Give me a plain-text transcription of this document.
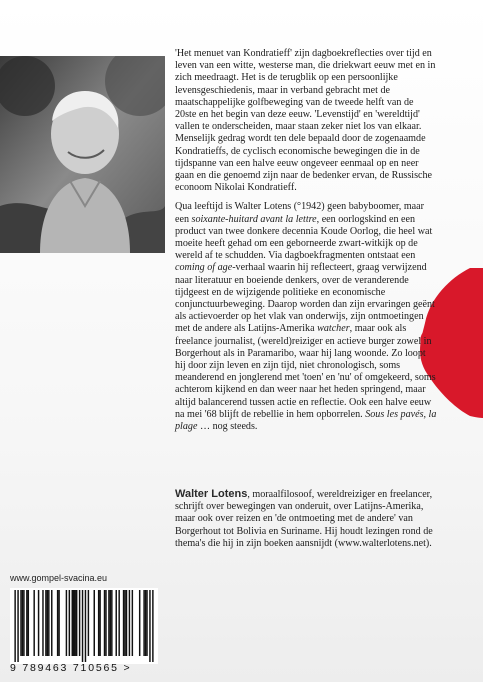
'Het menuet van Kondratieff' zijn dagboekreflecties over tijd en leven van een witte, westerse man, die driekwart eeuw met en in zich meedraagt. Het is de terugblik op een persoonlijke levensgeschiedenis, maar in verband gebracht met de maatschappelijke golfbeweging van de tweede helft van de 20ste en het begin van deze eeuw. 'Levenstijd' en 'wereldtijd' vallen te onderscheiden, maar staan zeker niet los van elkaar. Menselijk gedrag wordt ten dele bepaald door de zogenaamde Kondratieffs, de cyclisch economische bewegingen die in de tijdspanne van een halve eeuw ongeveer eenmaal op en neer gaan en die genoemd zijn naar de bedenker ervan, de Russische econoom Nikolai Kondratieff.

Qua leeftijd is Walter Lotens (°1942) geen babyboomer, maar een soixante-huitard avant la lettre, een oorlogskind en een product van twee donkere decennia Koude Oorlog, die heel wat moeite heeft gehad om een geborneerde zwart-witkijk op de wereld af te schudden. Via dagboekfragmenten ontstaat een coming of age-verhaal waarin hij reflecteert, graag verwijzend naar literatuur en boeiende denkers, over de veranderende tijdgeest en de wijzigende politieke en economische conjunctuurbeweging. Daarop worden dan zijn ervaringen geënt als actievoerder op het vlak van onderwijs, zijn ontmoetingen met de andere als Latijns-Amerika watcher, maar ook als freelance journalist, (wereld)reiziger en actieve burger zowel in Borgerhout als in Paramaribo, waar hij lang woonde. Zo loopt hij door zijn leven en zijn tijd, niet chronologisch, soms meanderend en jonglerend met 'toen' en 'nu' of omgekeerd, soms achterom kijkend en dan weer naar het heden springend, maar altijd balancerend tussen actie en reflectie. Ook een halve eeuw na mei '68 blijft de rebellie in hem opborrelen. Sous les pavés, la plage … nog steeds.

Walter Lotens, moraalfilosoof, wereldreiziger en freelancer, schrijft over bewegingen van onderuit, over Latijns-Amerika, maar ook over reizen en 'de ontmoeting met de andere' van Borgerhout tot Bolivia en Suriname. Hij houdt lezingen rond de thema's die hij in zijn boeken aansnijdt (www.walterlotens.net).
www.gompel-svacina.eu
9 789463 710565 >
